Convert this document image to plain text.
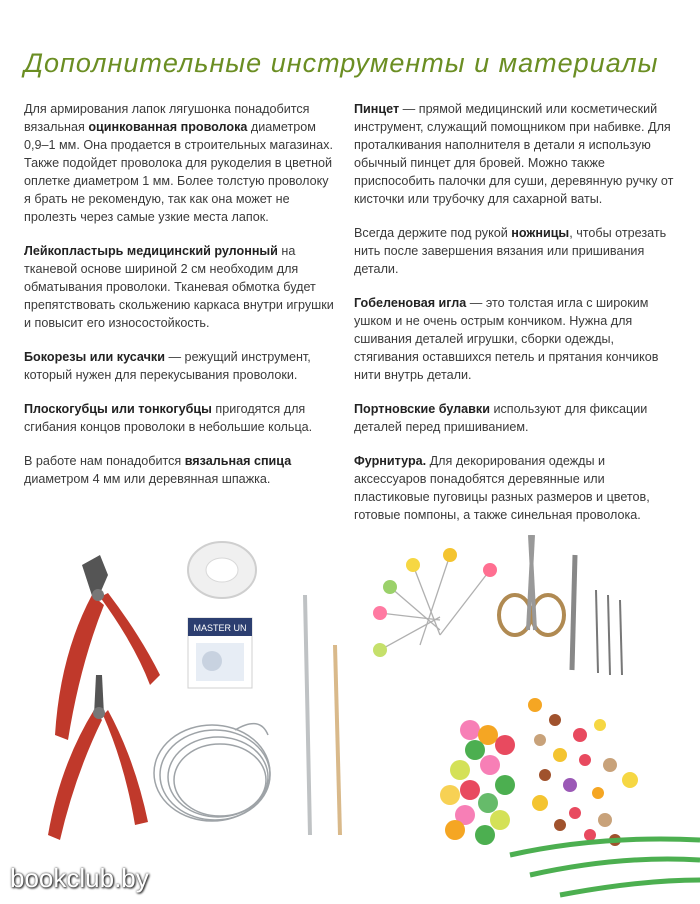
Дополнительные инструменты и материалы

Для армирования лапок лягушонка понадобится вязальная оцинкованная проволока диаметром 0,9–1 мм. Она продается в строительных магазинах. Также подойдет проволока для рукоделия в цветной оплетке диаметром 1 мм. Более толстую проволоку я брать не рекомендую, так как она может не пролезть через самые узкие места лапок.

Лейкопластырь медицинский рулонный на тканевой основе шириной 2 см необходим для обматывания проволоки. Тканевая обмотка будет препятствовать скольжению каркаса внутри игрушки и повысит его износостойкость.

Бокорезы или кусачки — режущий инструмент, который нужен для перекусывания проволоки.

Плоскогубцы или тонкогубцы пригодятся для сгибания концов проволоки в небольшие кольца.

В работе нам понадобится вязальная спица диаметром 4 мм или деревянная шпажка.

Пинцет — прямой медицинский или косметический инструмент, служащий помощником при набивке. Для проталкивания наполнителя в детали я использую обычный пинцет для бровей. Можно также приспособить палочки для суши, деревянную ручку от кисточки или трубочку для сахарной ваты.

Всегда держите под рукой ножницы, чтобы отрезать нить после завершения вязания или пришивания детали.

Гобеленовая игла — это толстая игла с широким ушком и не очень острым кончиком. Нужна для сшивания деталей игрушки, сборки одежды, стягивания оставшихся петель и прятания кончиков нити внутрь детали.

Портновские булавки используют для фиксации деталей перед пришиванием.

Фурнитура. Для декорирования одежды и аксессуаров понадобятся деревянные или пластиковые пуговицы разных размеров и цветов, готовые помпоны, а также синельная проволока.

MASTER UN
bookclub.by
